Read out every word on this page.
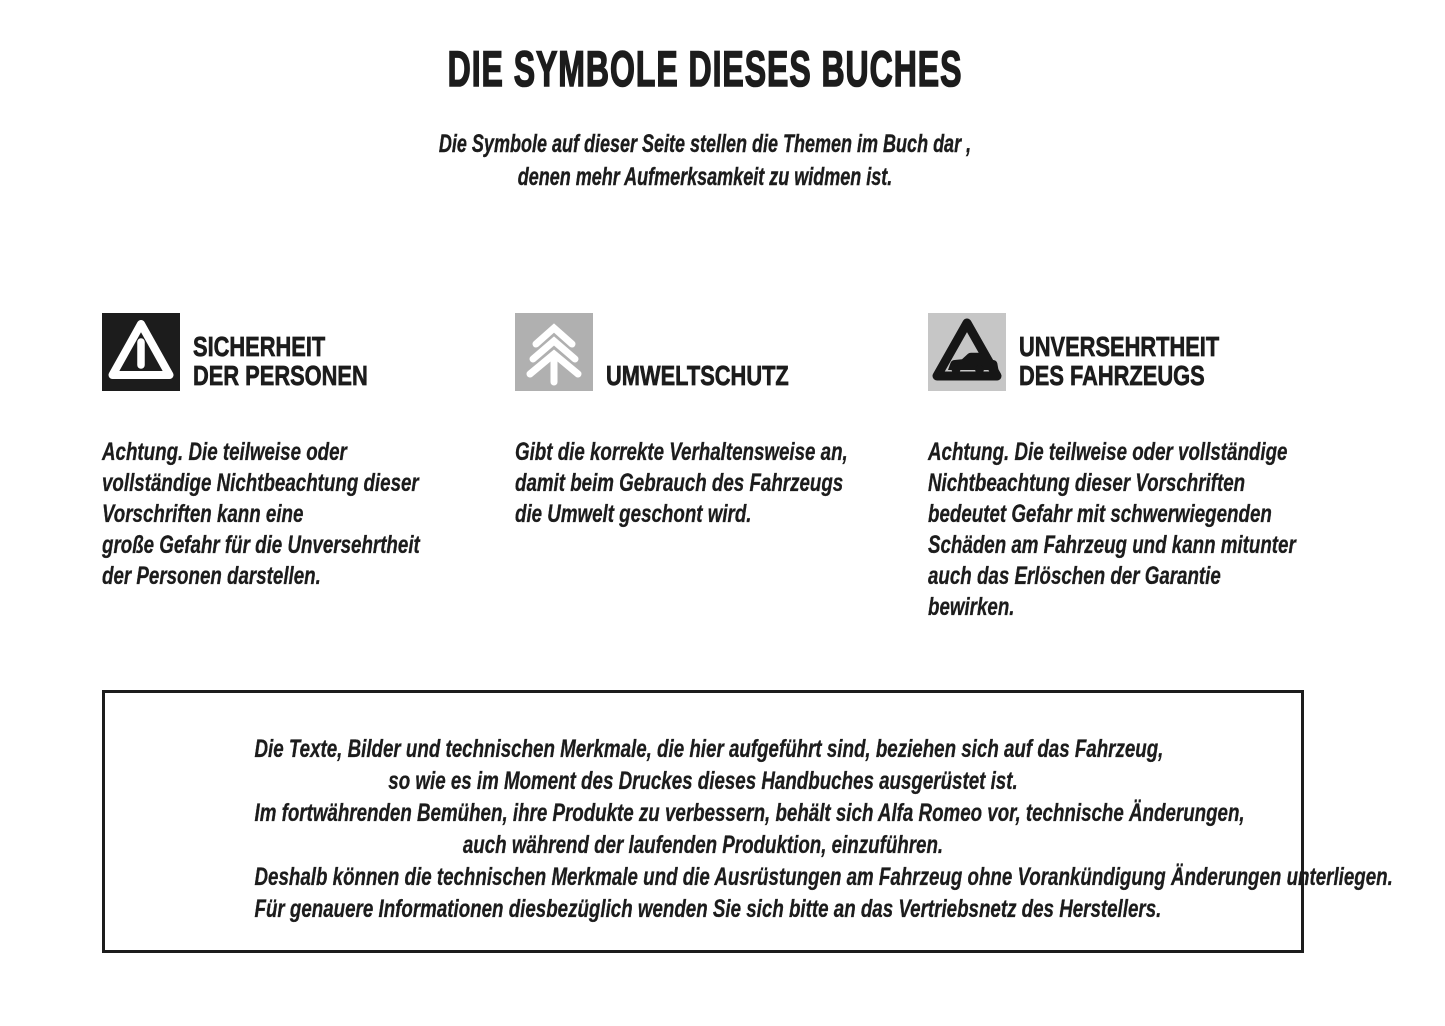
DIE SYMBOLE DIESES BUCHES
Die Symbole auf dieser Seite stellen die Themen im Buch dar ,
denen mehr Aufmerksamkeit zu widmen ist.
SICHERHEIT
DER PERSONEN
Achtung. Die teilweise oder
vollständige Nichtbeachtung dieser
Vorschriften kann eine
große Gefahr für die Unversehrtheit
der Personen darstellen.
UMWELTSCHUTZ
Gibt die korrekte Verhaltensweise an,
damit beim Gebrauch des Fahrzeugs
die Umwelt geschont wird.
UNVERSEHRTHEIT
DES FAHRZEUGS
Achtung. Die teilweise oder vollständige
Nichtbeachtung dieser Vorschriften
bedeutet Gefahr mit schwerwiegenden
Schäden am Fahrzeug und kann mitunter
auch das Erlöschen der Garantie
bewirken.
Die Texte, Bilder und technischen Merkmale, die hier aufgeführt sind, beziehen sich auf das Fahrzeug,
so wie es im Moment des Druckes dieses Handbuches ausgerüstet ist.
Im fortwährenden Bemühen, ihre Produkte zu verbessern, behält sich Alfa Romeo vor, technische Änderungen,
auch während der laufenden Produktion, einzuführen.
Deshalb können die technischen Merkmale und die Ausrüstungen am Fahrzeug ohne Vorankündigung Änderungen unterliegen.
Für genauere Informationen diesbezüglich wenden Sie sich bitte an das Vertriebsnetz des Herstellers.
